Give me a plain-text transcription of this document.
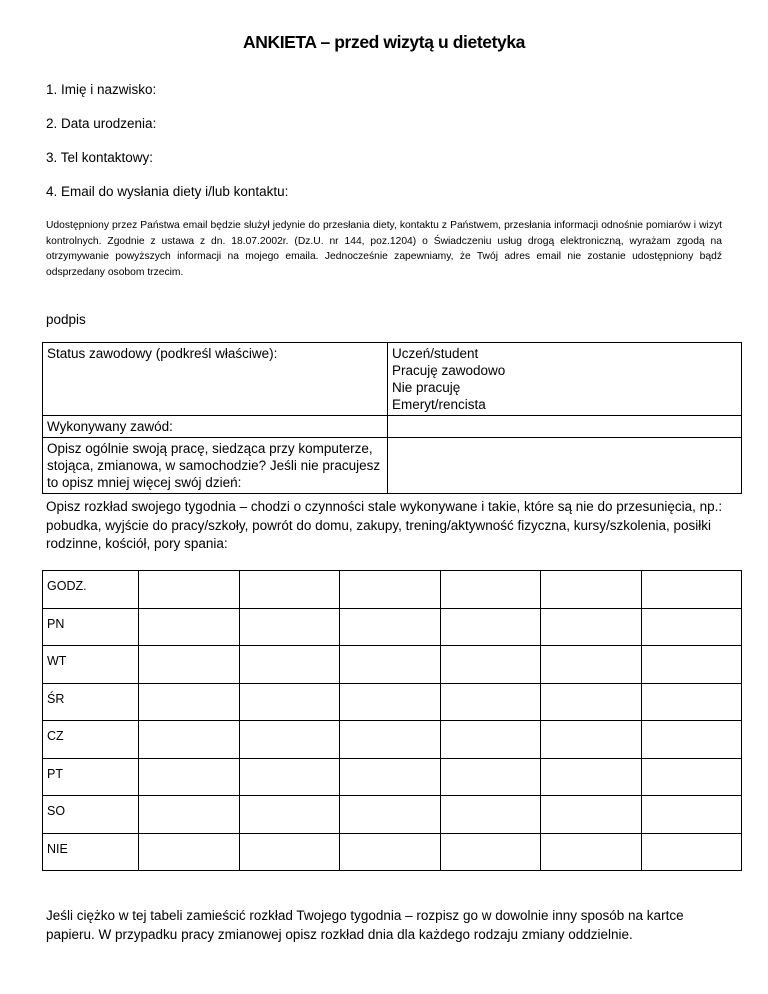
ANKIETA – przed wizytą u dietetyka
1. Imię i nazwisko:
2. Data urodzenia:
3. Tel kontaktowy:
4. Email do wysłania diety i/lub kontaktu:
Udostępniony przez Państwa email będzie służył jedynie do przesłania diety, kontaktu z Państwem, przesłania informacji odnośnie pomiarów i wizyt kontrolnych. Zgodnie z ustawa z dn. 18.07.2002r. (Dz.U. nr 144, poz.1204) o Świadczeniu usług drogą elektroniczną, wyrażam zgodą na otrzymywanie powyższych informacji na mojego emaila. Jednocześnie zapewniamy, że Twój adres email nie zostanie udostępniony bądź odsprzedany osobom trzecim.
podpis
Status zawodowy (podkreśl właściwe):	Uczeń/student
Pracuję zawodowo
Nie pracuję
Emeryt/rencista

Wykonywany zawód:	
Opisz ogólnie swoją pracę, siedząca przy komputerze, stojąca, zmianowa, w samochodzie? Jeśli nie pracujesz to opisz mniej więcej swój dzień:	
Opisz rozkład swojego tygodnia – chodzi o czynności stale wykonywane i takie, które są nie do przesunięcia, np.: pobudka, wyjście do pracy/szkoły, powrót do domu, zakupy, trening/aktywność fizyczna, kursy/szkolenia, posiłki rodzinne, kościół, pory spania:
GODZ.						
PN						
WT						
ŚR						
CZ						
PT						
SO						
NIE						
Jeśli ciężko w tej tabeli zamieścić rozkład Twojego tygodnia – rozpisz go w dowolnie inny sposób na kartce papieru. W przypadku pracy zmianowej opisz rozkład dnia dla każdego rodzaju zmiany oddzielnie.
